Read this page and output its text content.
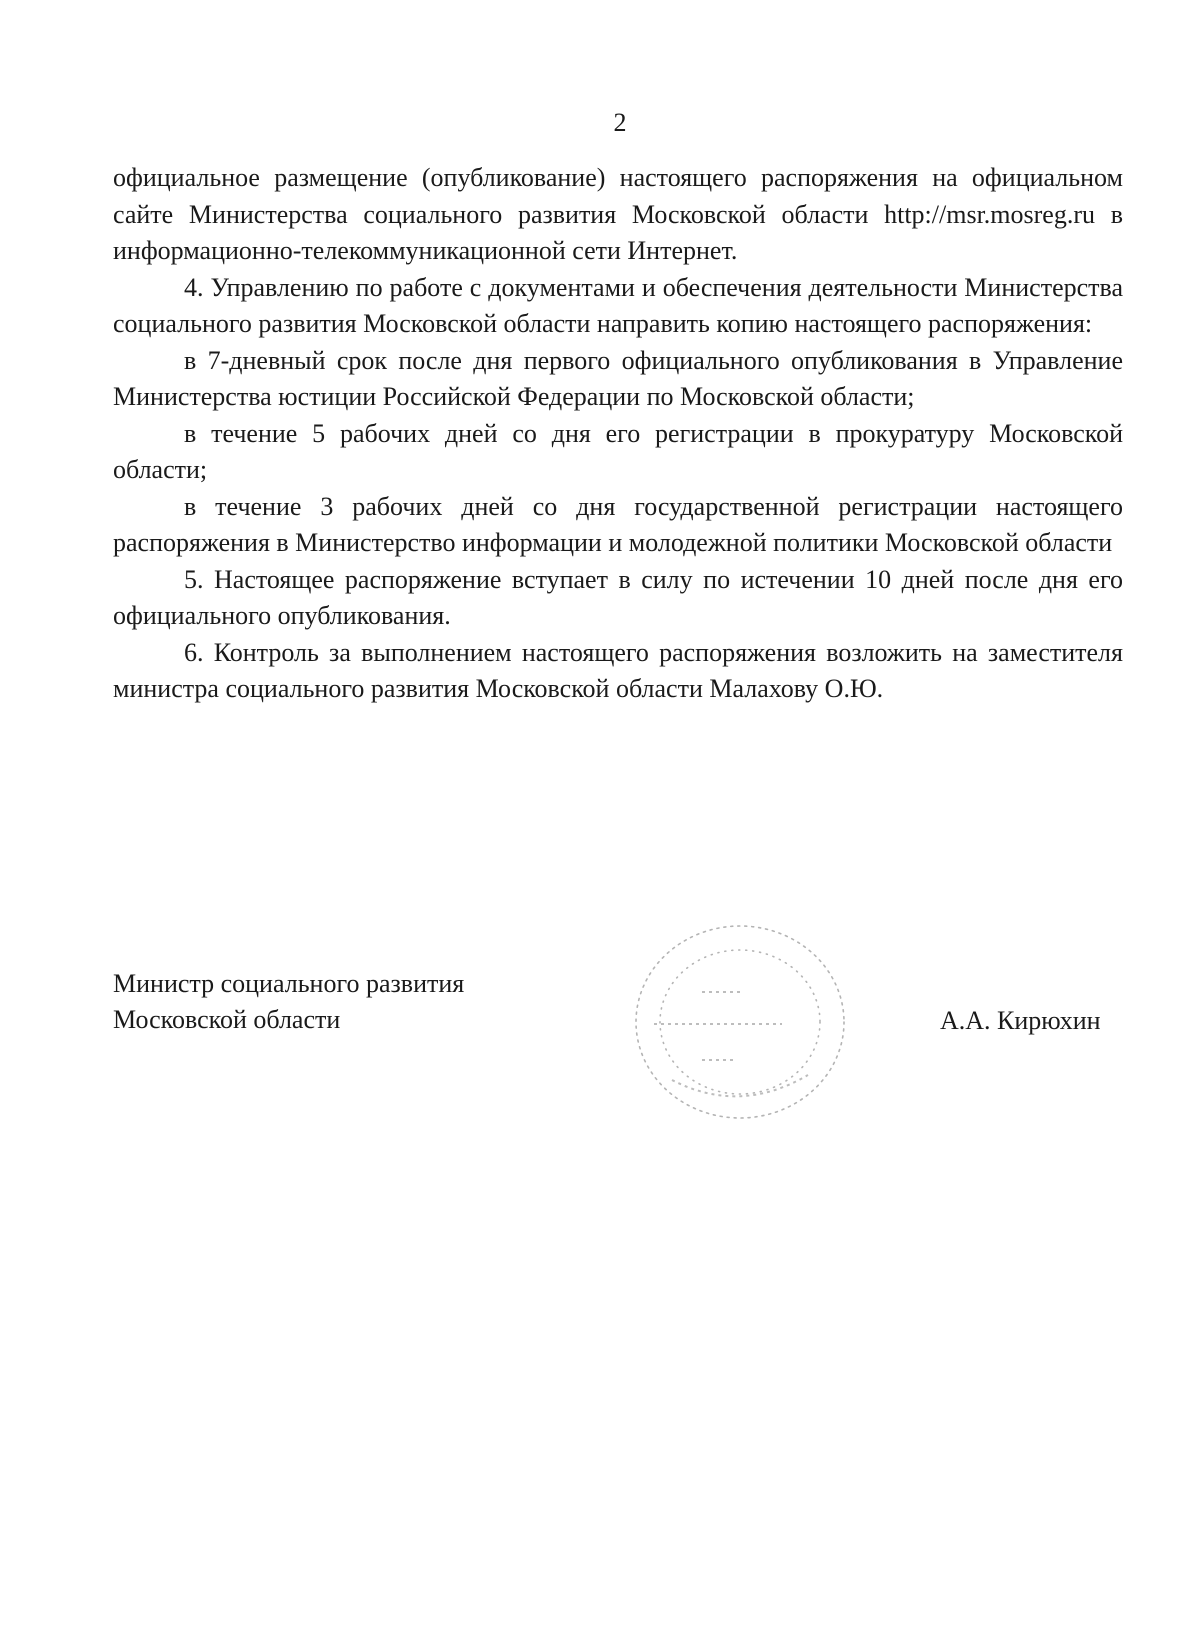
2

официальное размещение (опубликование) настоящего распоряжения на официальном сайте Министерства социального развития Московской области http://msr.mosreg.ru в информационно-телекоммуникационной сети Интернет.

4. Управлению по работе с документами и обеспечения деятельности Министерства социального развития Московской области направить копию настоящего распоряжения:

в 7-дневный срок после дня первого официального опубликования в Управление Министерства юстиции Российской Федерации по Московской области;

в течение 5 рабочих дней со дня его регистрации в прокуратуру Московской области;

в течение 3 рабочих дней со дня государственной регистрации настоящего распоряжения в Министерство информации и молодежной политики Московской области

5. Настоящее распоряжение вступает в силу по истечении 10 дней после дня его официального опубликования.

6. Контроль за выполнением настоящего распоряжения возложить на заместителя министра социального развития Московской области Малахову О.Ю.

Министр социального развития
Московской области	А.А. Кирюхин
